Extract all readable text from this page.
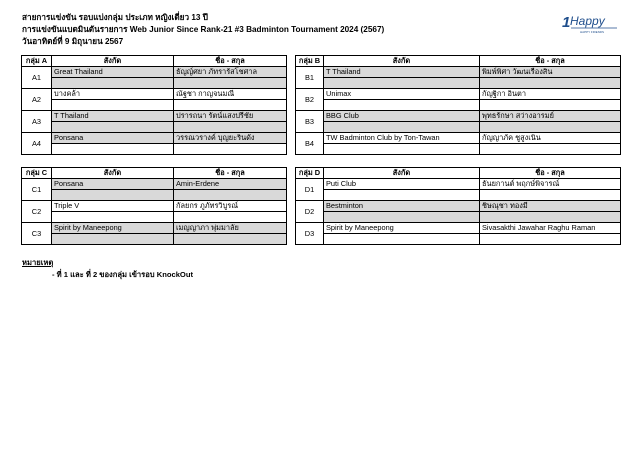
สายการแข่งขัน รอบแบ่งกลุ่ม ประเภท หญิงเดี่ยว 13 ปี
การแข่งขันแบดมินตันรายการ Web Junior Since Rank-21 #3 Badminton Tournament 2024 (2567)
วันอาทิตย์ที่ 9 มิถุนายน 2567
1 Happy
HAPPY FRIENDS
กลุ่ม A	สังกัด	ชื่อ - สกุล
A1	Great Thailand	ธัญญ์ศยา ภัทรารัสโชศาล

A2	บางคล้า	ณัฐชา กาญจนมณี

A3	T Thailand	ปรารถนา รัตน์แสงปรีชัย

A4	Ponsana	วรรณวรางค์ บุญยะรินดัง

กลุ่ม B	สังกัด	ชื่อ - สกุล
B1	T Thailand	พิมพ์พิศา วัฒนเรืองสิน

B2	Unimax	กัญฐิกา อินตา

B3	BBG Club	พุทธรักษา สว่างอารมย์

B4	TW Badminton Club by Ton-Tawan	กัญญาภัค ชูสูงเนิน

กลุ่ม C	สังกัด	ชื่อ - สกุล
C1	Ponsana	Amin-Erdene

C2	Triple V	กัลยกร ภูภัทรวิบูรณ์

C3	Spirit by Maneepong	เมญญาภา พุ่มมาลัย

กลุ่ม D	สังกัด	ชื่อ - สกุล
D1	Puti Club	ธันยกานต์ พฤกษ์พิจารณ์

D2	Bestminton	ชิษณุชา ทองมี

D3	Spirit by Maneepong	Sivasakthi Jawahar Raghu Raman

หมายเหตุ
- ที่ 1 และ ที่ 2 ของกลุ่ม เข้ารอบ KnockOut
